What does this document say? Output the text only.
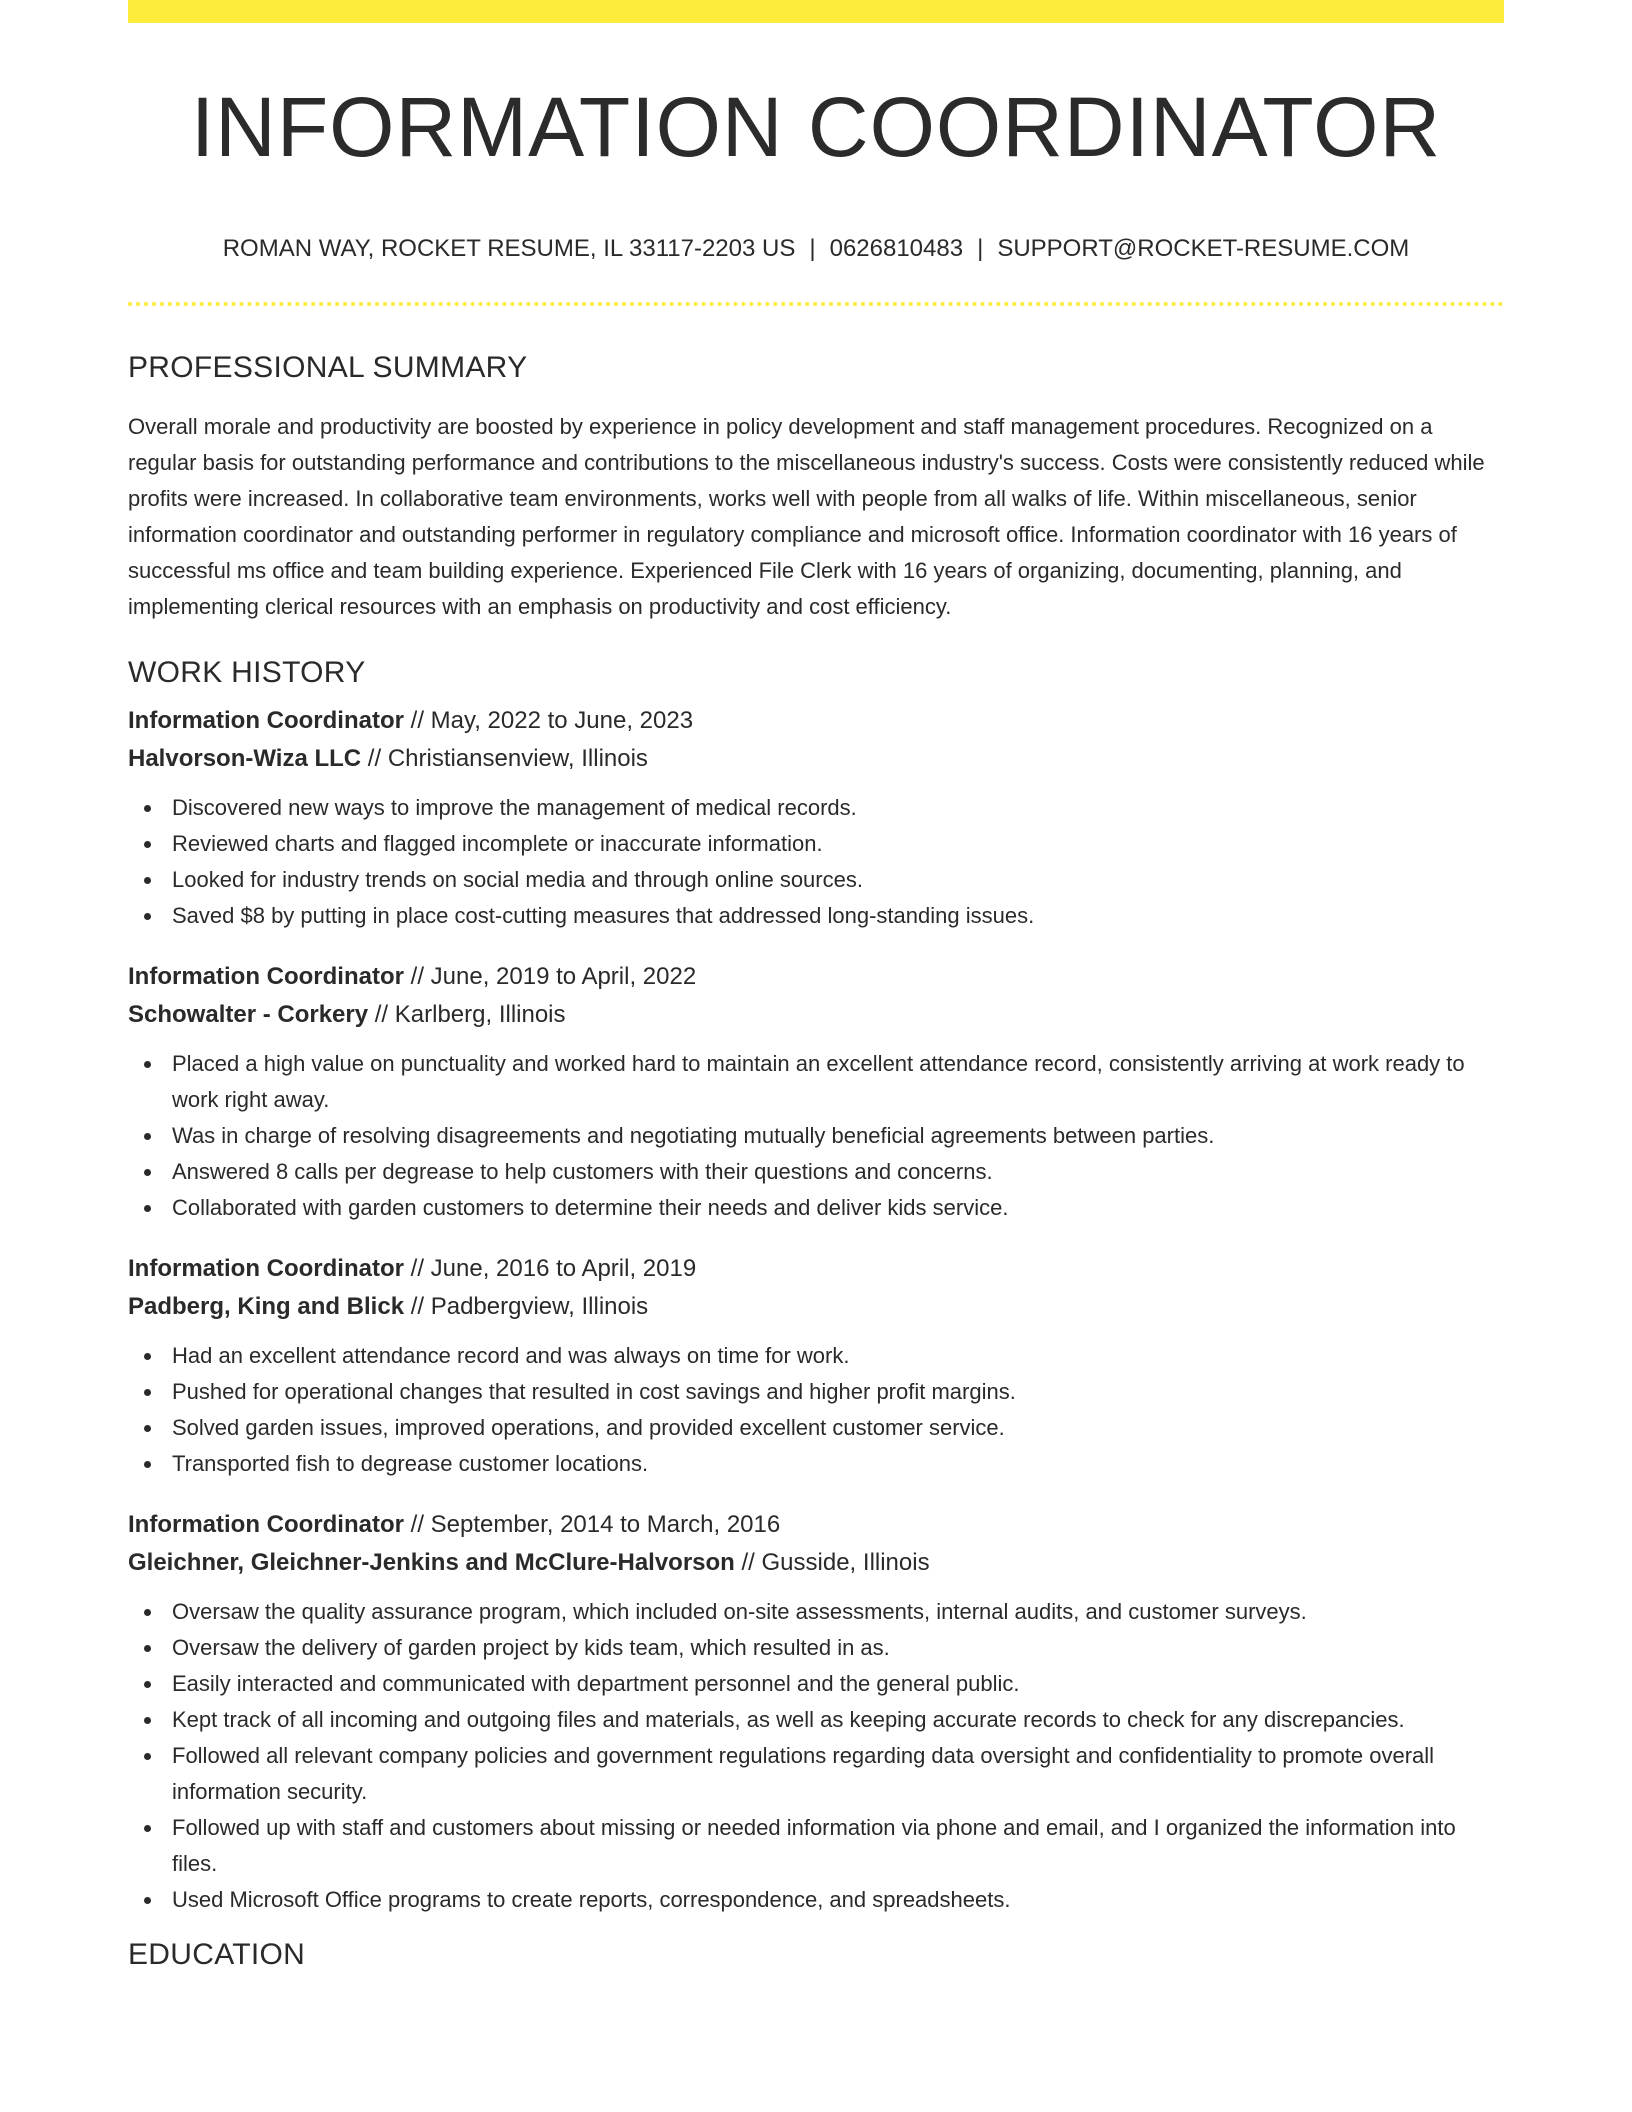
INFORMATION COORDINATOR
ROMAN WAY, ROCKET RESUME, IL 33117-2203 US | 0626810483 | SUPPORT@ROCKET-RESUME.COM
PROFESSIONAL SUMMARY

Overall morale and productivity are boosted by experience in policy development and staff management procedures. Recognized on a regular basis for outstanding performance and contributions to the miscellaneous industry's success. Costs were consistently reduced while profits were increased. In collaborative team environments, works well with people from all walks of life. Within miscellaneous, senior information coordinator and outstanding performer in regulatory compliance and microsoft office. Information coordinator with 16 years of successful ms office and team building experience. Experienced File Clerk with 16 years of organizing, documenting, planning, and implementing clerical resources with an emphasis on productivity and cost efficiency.

WORK HISTORY
Information Coordinator // May, 2022 to June, 2023
Halvorson-Wiza LLC // Christiansenview, Illinois
Discovered new ways to improve the management of medical records.
Reviewed charts and flagged incomplete or inaccurate information.
Looked for industry trends on social media and through online sources.
Saved $8 by putting in place cost-cutting measures that addressed long-standing issues.
Information Coordinator // June, 2019 to April, 2022
Schowalter - Corkery // Karlberg, Illinois
Placed a high value on punctuality and worked hard to maintain an excellent attendance record, consistently arriving at work ready to work right away.
Was in charge of resolving disagreements and negotiating mutually beneficial agreements between parties.
Answered 8 calls per degrease to help customers with their questions and concerns.
Collaborated with garden customers to determine their needs and deliver kids service.
Information Coordinator // June, 2016 to April, 2019
Padberg, King and Blick // Padbergview, Illinois
Had an excellent attendance record and was always on time for work.
Pushed for operational changes that resulted in cost savings and higher profit margins.
Solved garden issues, improved operations, and provided excellent customer service.
Transported fish to degrease customer locations.
Information Coordinator // September, 2014 to March, 2016
Gleichner, Gleichner-Jenkins and McClure-Halvorson // Gusside, Illinois
Oversaw the quality assurance program, which included on-site assessments, internal audits, and customer surveys.
Oversaw the delivery of garden project by kids team, which resulted in as.
Easily interacted and communicated with department personnel and the general public.
Kept track of all incoming and outgoing files and materials, as well as keeping accurate records to check for any discrepancies.
Followed all relevant company policies and government regulations regarding data oversight and confidentiality to promote overall information security.
Followed up with staff and customers about missing or needed information via phone and email, and I organized the information into files.
Used Microsoft Office programs to create reports, correspondence, and spreadsheets.
EDUCATION
